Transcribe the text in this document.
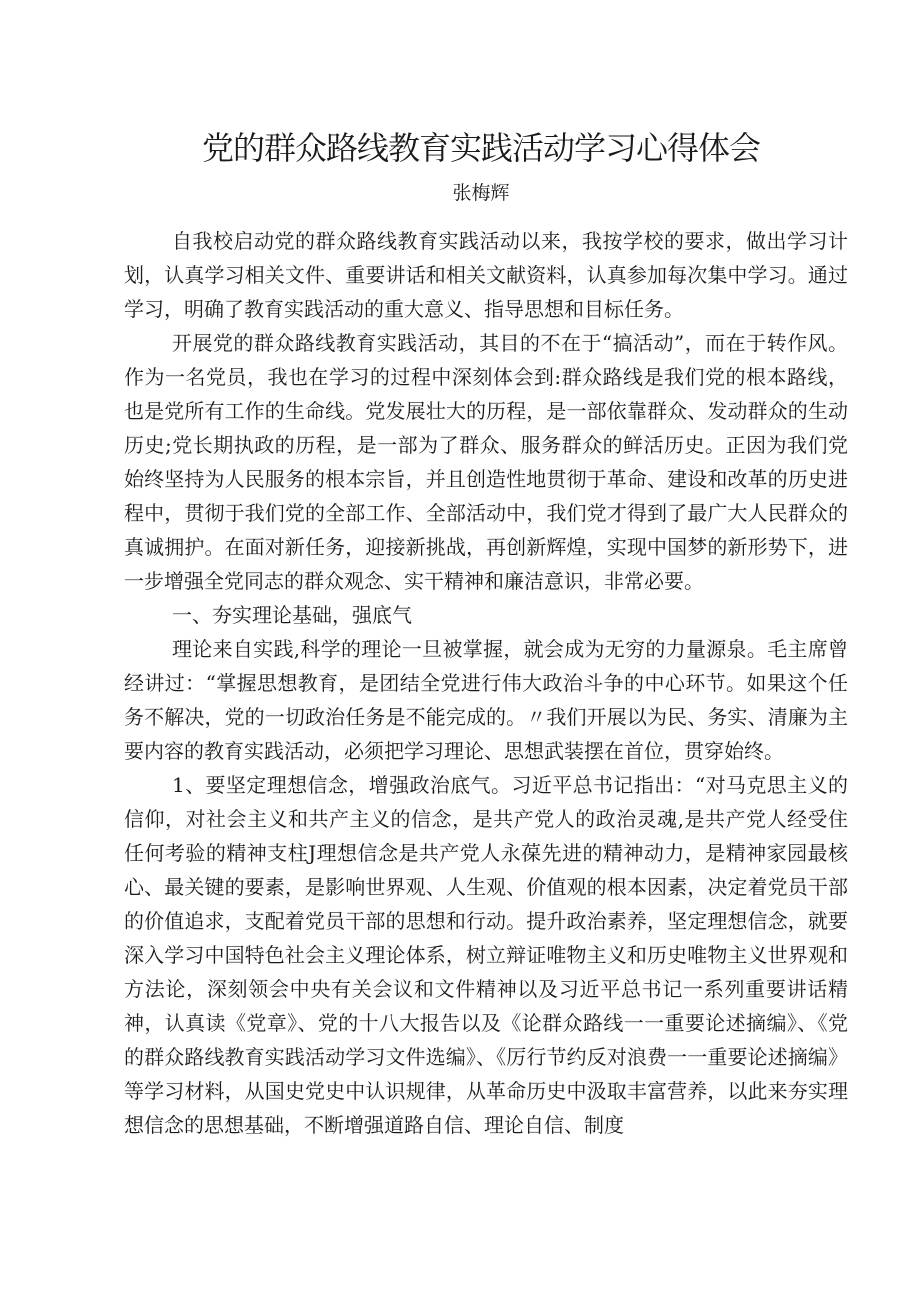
党的群众路线教育实践活动学习心得体会

张梅辉

自我校启动党的群众路线教育实践活动以来，我按学校的要求，做出学习计划，认真学习相关文件、重要讲话和相关文献资料，认真参加每次集中学习。通过学习，明确了教育实践活动的重大意义、指导思想和目标任务。

开展党的群众路线教育实践活动，其目的不在于“搞活动”，而在于转作风。作为一名党员，我也在学习的过程中深刻体会到:群众路线是我们党的根本路线，也是党所有工作的生命线。党发展壮大的历程，是一部依靠群众、发动群众的生动历史;党长期执政的历程，是一部为了群众、服务群众的鲜活历史。正因为我们党始终坚持为人民服务的根本宗旨，并且创造性地贯彻于革命、建设和改革的历史进程中，贯彻于我们党的全部工作、全部活动中，我们党才得到了最广大人民群众的真诚拥护。在面对新任务，迎接新挑战，再创新辉煌，实现中国梦的新形势下，进一步增强全党同志的群众观念、实干精神和廉洁意识，非常必要。

一、夯实理论基础，强底气

理论来自实践,科学的理论一旦被掌握，就会成为无穷的力量源泉。毛主席曾经讲过：“掌握思想教育，是团结全党进行伟大政治斗争的中心环节。如果这个任务不解决，党的一切政治任务是不能完成的。〃我们开展以为民、务实、清廉为主要内容的教育实践活动，必须把学习理论、思想武装摆在首位，贯穿始终。

1、要坚定理想信念，增强政治底气。习近平总书记指出：“对马克思主义的信仰，对社会主义和共产主义的信念，是共产党人的政治灵魂,是共产党人经受住任何考验的精神支柱J理想信念是共产党人永葆先进的精神动力，是精神家园最核心、最关键的要素，是影响世界观、人生观、价值观的根本因素，决定着党员干部的价值追求，支配着党员干部的思想和行动。提升政治素养，坚定理想信念，就要深入学习中国特色社会主义理论体系，树立辩证唯物主义和历史唯物主义世界观和方法论，深刻领会中央有关会议和文件精神以及习近平总书记一系列重要讲话精神，认真读《党章》、党的十八大报告以及《论群众路线一一重要论述摘编》、《党的群众路线教育实践活动学习文件选编》、《厉行节约反对浪费一一重要论述摘编》等学习材料，从国史党史中认识规律，从革命历史中汲取丰富营养，以此来夯实理想信念的思想基础，不断增强道路自信、理论自信、制度
